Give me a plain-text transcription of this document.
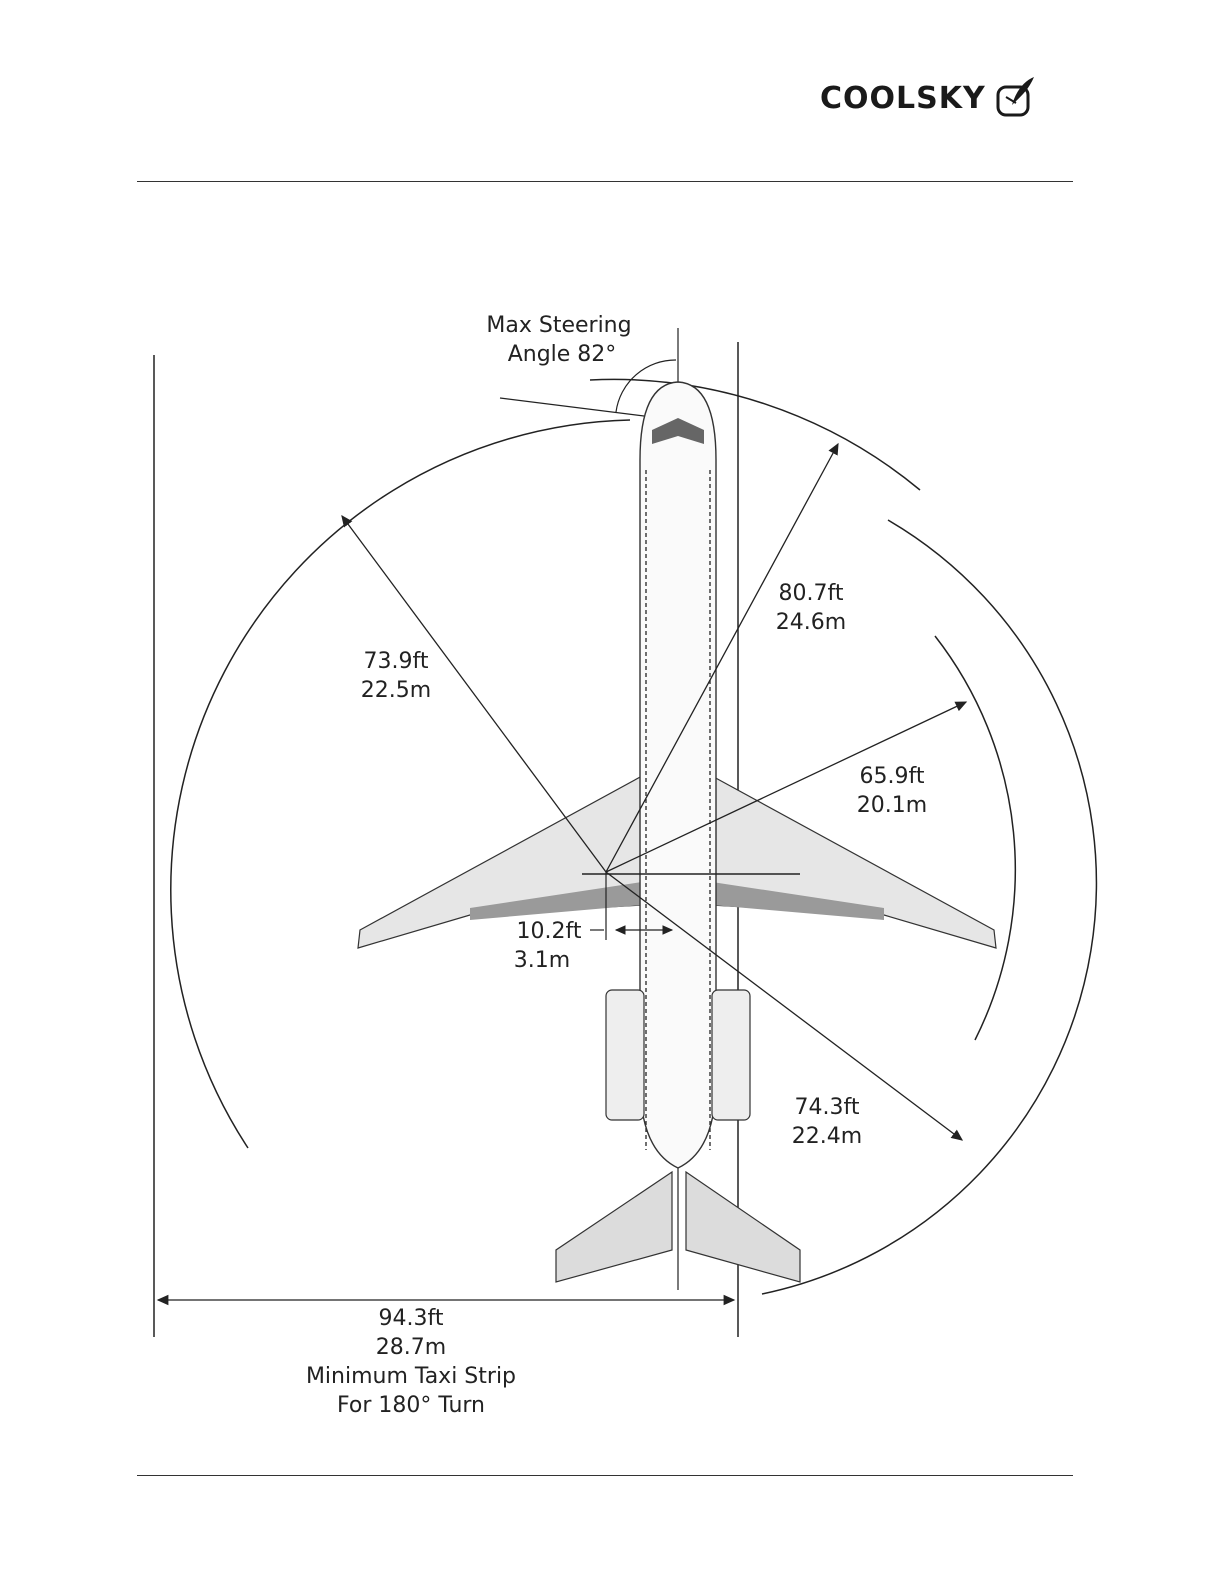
COOLSKY
Max Steering
Angle 82°
80.7ft
24.6m
73.9ft
22.5m
65.9ft
20.1m
10.2ft
3.1m
74.3ft
22.4m
94.3ft
28.7m
Minimum Taxi Strip
For 180° Turn
